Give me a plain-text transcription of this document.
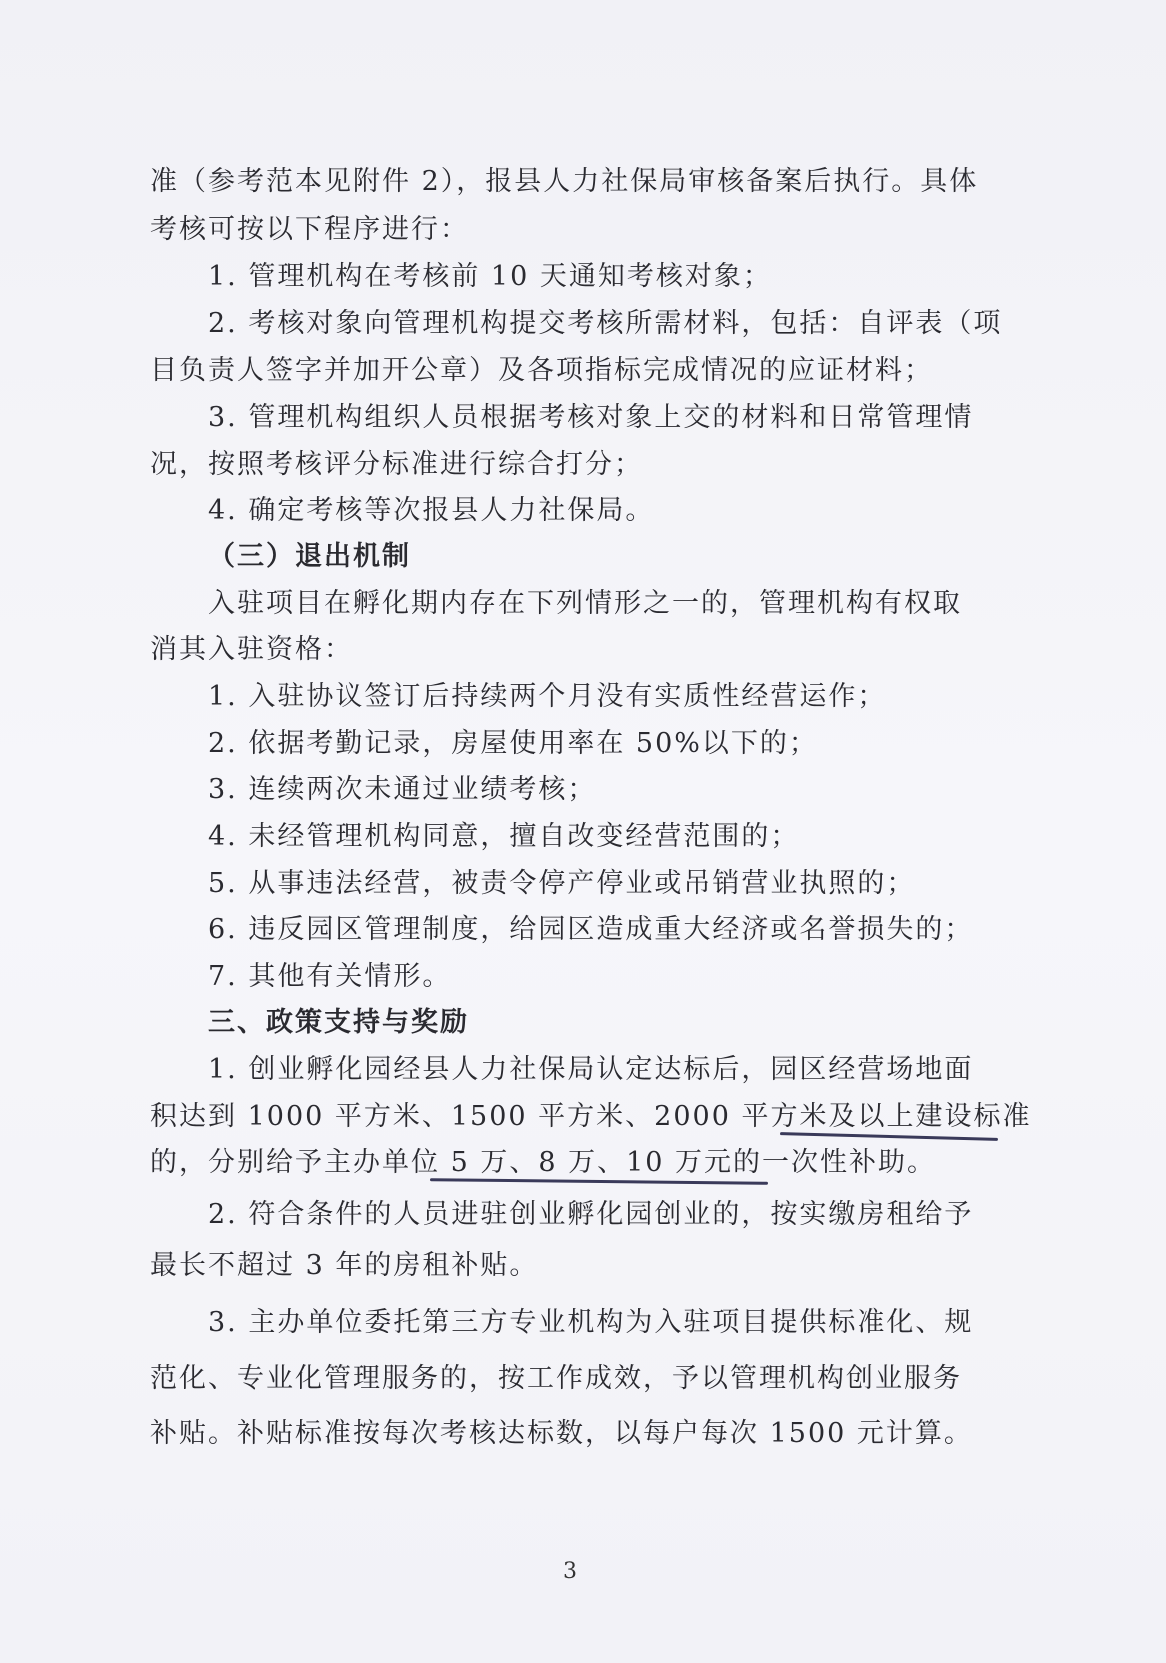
准（参考范本见附件 2），报县人力社保局审核备案后执行。具体
考核可按以下程序进行：
1. 管理机构在考核前 10 天通知考核对象；
2. 考核对象向管理机构提交考核所需材料，包括：自评表（项
目负责人签字并加开公章）及各项指标完成情况的应证材料；
3. 管理机构组织人员根据考核对象上交的材料和日常管理情
况，按照考核评分标准进行综合打分；
4. 确定考核等次报县人力社保局。
（三）退出机制
入驻项目在孵化期内存在下列情形之一的，管理机构有权取
消其入驻资格：
1. 入驻协议签订后持续两个月没有实质性经营运作；
2. 依据考勤记录，房屋使用率在 50%以下的；
3. 连续两次未通过业绩考核；
4. 未经管理机构同意，擅自改变经营范围的；
5. 从事违法经营，被责令停产停业或吊销营业执照的；
6. 违反园区管理制度，给园区造成重大经济或名誉损失的；
7. 其他有关情形。
三、政策支持与奖励
1. 创业孵化园经县人力社保局认定达标后，园区经营场地面
积达到 1000 平方米、1500 平方米、2000 平方米及以上建设标准
的，分别给予主办单位 5 万、8 万、10 万元的一次性补助。
2. 符合条件的人员进驻创业孵化园创业的，按实缴房租给予
最长不超过 3 年的房租补贴。
3. 主办单位委托第三方专业机构为入驻项目提供标准化、规
范化、专业化管理服务的，按工作成效，予以管理机构创业服务
补贴。补贴标准按每次考核达标数，以每户每次 1500 元计算。
3
